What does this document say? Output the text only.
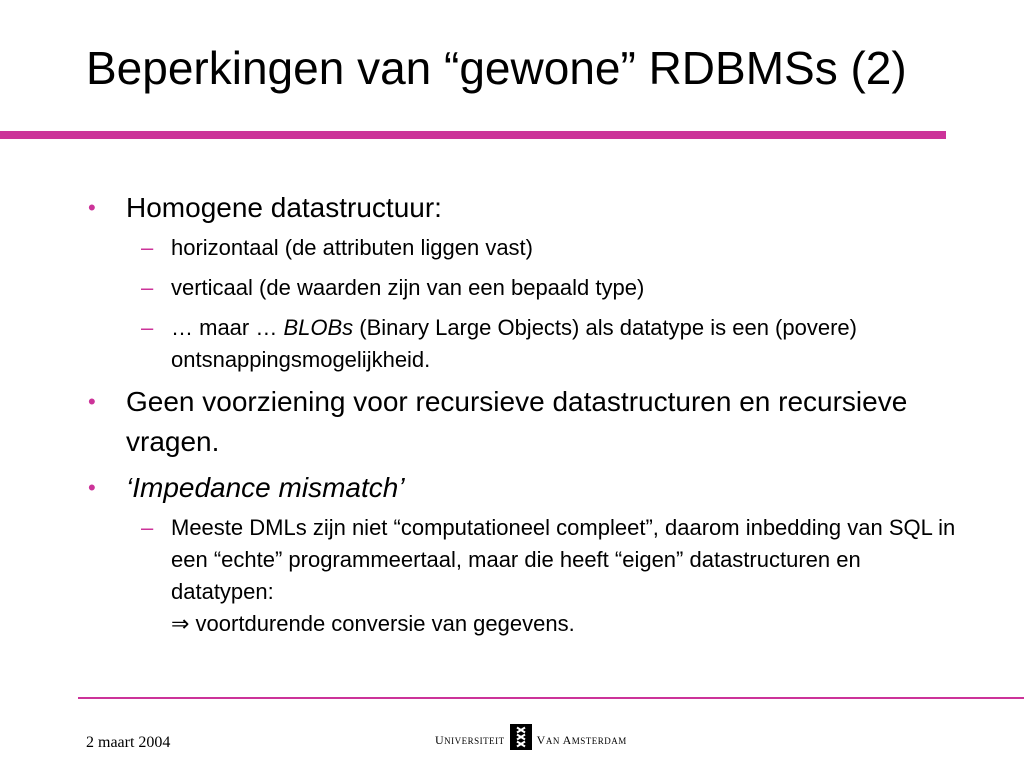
Beperkingen van “gewone” RDBMSs (2)
• Homogene datastructuur:
– horizontaal (de attributen liggen vast)
– verticaal (de waarden zijn van een bepaald type)
– … maar … BLOBs (Binary Large Objects) als datatype is een (povere) ontsnappingsmogelijkheid.
• Geen voorziening voor recursieve datastructuren en recursieve vragen.
• ‘Impedance mismatch’
– Meeste DMLs zijn niet “computationeel compleet”, daarom inbedding van SQL in een “echte” programmeertaal, maar die heeft “eigen” datastructuren en datatypen:
⇒ voortdurende conversie van gegevens.
2 maart 2004	UNIVERSITEIT	VAN AMSTERDAM
